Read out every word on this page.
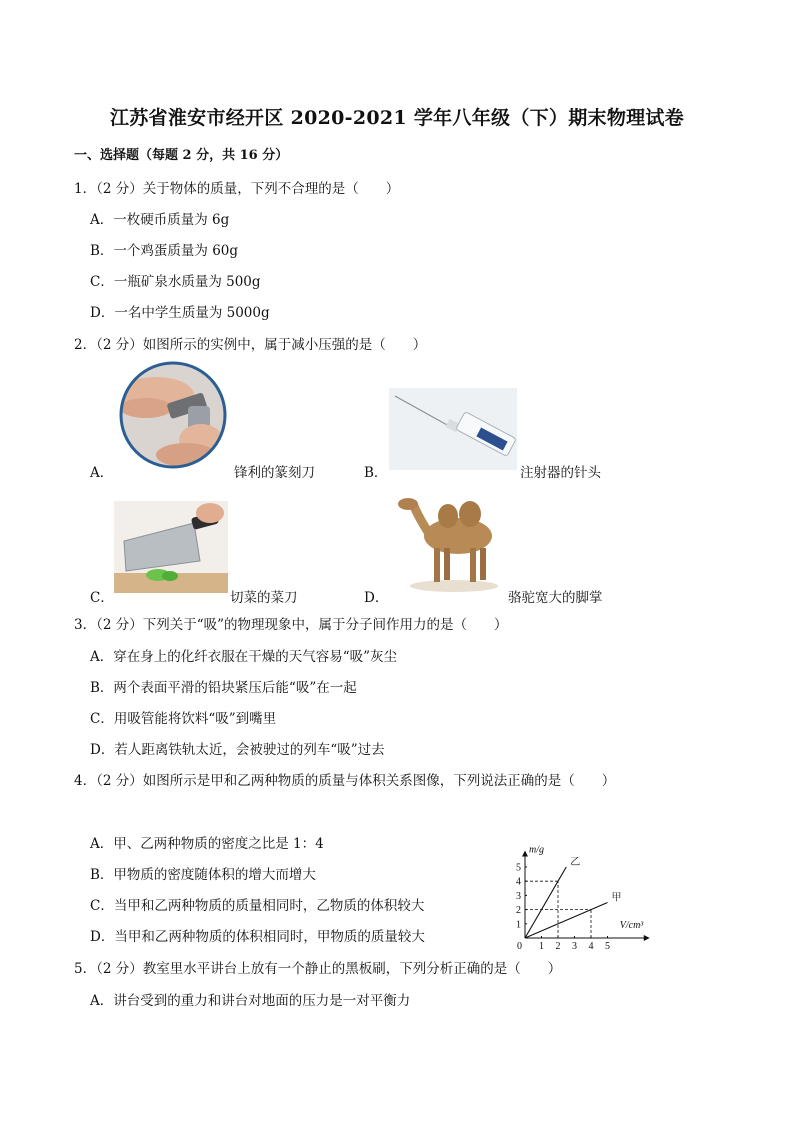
江苏省淮安市经开区 2020-2021 学年八年级（下）期末物理试卷
一、选择题（每题 2 分，共 16 分）
1．（2 分）关于物体的质量，下列不合理的是（　　）
A．一枚硬币质量为 6g
B．一个鸡蛋质量为 60g
C．一瓶矿泉水质量为 500g
D．一名中学生质量为 5000g
2．（2 分）如图所示的实例中，属于减小压强的是（　　）
A．	锋利的篆刻刀	B．	注射器的针头
C．	切菜的菜刀	D．	骆驼宽大的脚掌
3．（2 分）下列关于“吸”的物理现象中，属于分子间作用力的是（　　）
A．穿在身上的化纤衣服在干燥的天气容易“吸”灰尘
B．两个表面平滑的铅块紧压后能“吸”在一起
C．用吸管能将饮料“吸”到嘴里
D．若人距离铁轨太近，会被驶过的列车“吸”过去
4．（2 分）如图所示是甲和乙两种物质的质量与体积关系图像，下列说法正确的是（　　）
A．甲、乙两种物质的密度之比是 1：4
B．甲物质的密度随体积的增大而增大
C．当甲和乙两种物质的质量相同时，乙物质的体积较大
D．当甲和乙两种物质的体积相同时，甲物质的质量较大
m/g
V/cm³
0 1 2 3 4 5
1
2
3
4
5	乙
甲
5．（2 分）教室里水平讲台上放有一个静止的黑板刷，下列分析正确的是（　　）
A．讲台受到的重力和讲台对地面的压力是一对平衡力
